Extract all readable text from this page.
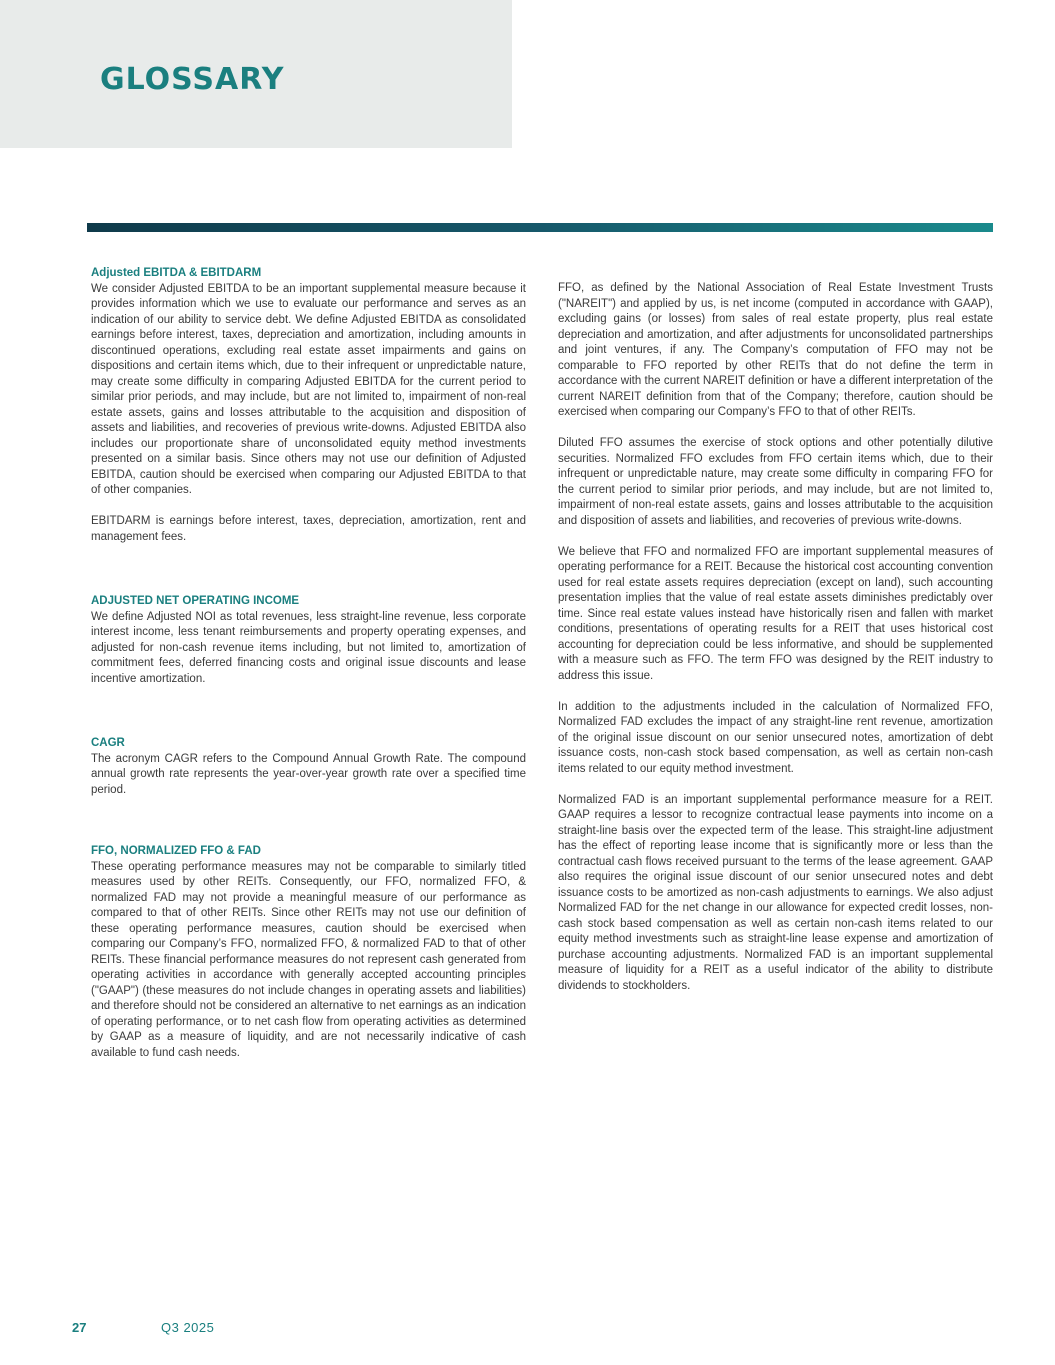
GLOSSARY
Adjusted EBITDA & EBITDARM

We consider Adjusted EBITDA to be an important supplemental measure because it provides information which we use to evaluate our performance and serves as an indication of our ability to service debt. We define Adjusted EBITDA as consolidated earnings before interest, taxes, depreciation and amortization, including amounts in discontinued operations, excluding real estate asset impairments and gains on dispositions and certain items which, due to their infrequent or unpredictable nature, may create some difficulty in comparing Adjusted EBITDA for the current period to similar prior periods, and may include, but are not limited to, impairment of non-real estate assets, gains and losses attributable to the acquisition and disposition of assets and liabilities, and recoveries of previous write-downs. Adjusted EBITDA also includes our proportionate share of unconsolidated equity method investments presented on a similar basis. Since others may not use our definition of Adjusted EBITDA, caution should be exercised when comparing our Adjusted EBITDA to that of other companies.

EBITDARM is earnings before interest, taxes, depreciation, amortization, rent and management fees.

ADJUSTED NET OPERATING INCOME

We define Adjusted NOI as total revenues, less straight-line revenue, less corporate interest income, less tenant reimbursements and property operating expenses, and adjusted for non-cash revenue items including, but not limited to, amortization of commitment fees, deferred financing costs and original issue discounts and lease incentive amortization.

CAGR

The acronym CAGR refers to the Compound Annual Growth Rate. The compound annual growth rate represents the year-over-year growth rate over a specified time period.

FFO, NORMALIZED FFO & FAD

These operating performance measures may not be comparable to similarly titled measures used by other REITs. Consequently, our FFO, normalized FFO, & normalized FAD may not provide a meaningful measure of our performance as compared to that of other REITs. Since other REITs may not use our definition of these operating performance measures, caution should be exercised when comparing our Company’s FFO, normalized FFO, & normalized FAD to that of other REITs. These financial performance measures do not represent cash generated from operating activities in accordance with generally accepted accounting principles ("GAAP") (these measures do not include changes in operating assets and liabilities) and therefore should not be considered an alternative to net earnings as an indication of operating performance, or to net cash flow from operating activities as determined by GAAP as a measure of liquidity, and are not necessarily indicative of cash available to fund cash needs.

FFO, as defined by the National Association of Real Estate Investment Trusts ("NAREIT") and applied by us, is net income (computed in accordance with GAAP), excluding gains (or losses) from sales of real estate property, plus real estate depreciation and amortization, and after adjustments for unconsolidated partnerships and joint ventures, if any. The Company’s computation of FFO may not be comparable to FFO reported by other REITs that do not define the term in accordance with the current NAREIT definition or have a different interpretation of the current NAREIT definition from that of the Company; therefore, caution should be exercised when comparing our Company’s FFO to that of other REITs.

Diluted FFO assumes the exercise of stock options and other potentially dilutive securities. Normalized FFO excludes from FFO certain items which, due to their infrequent or unpredictable nature, may create some difficulty in comparing FFO for the current period to similar prior periods, and may include, but are not limited to, impairment of non-real estate assets, gains and losses attributable to the acquisition and disposition of assets and liabilities, and recoveries of previous write-downs.

We believe that FFO and normalized FFO are important supplemental measures of operating performance for a REIT. Because the historical cost accounting convention used for real estate assets requires depreciation (except on land), such accounting presentation implies that the value of real estate assets diminishes predictably over time. Since real estate values instead have historically risen and fallen with market conditions, presentations of operating results for a REIT that uses historical cost accounting for depreciation could be less informative, and should be supplemented with a measure such as FFO. The term FFO was designed by the REIT industry to address this issue.

In addition to the adjustments included in the calculation of Normalized FFO, Normalized FAD excludes the impact of any straight-line rent revenue, amortization of the original issue discount on our senior unsecured notes, amortization of debt issuance costs, non-cash stock based compensation, as well as certain non-cash items related to our equity method investment.

Normalized FAD is an important supplemental performance measure for a REIT. GAAP requires a lessor to recognize contractual lease payments into income on a straight-line basis over the expected term of the lease. This straight-line adjustment has the effect of reporting lease income that is significantly more or less than the contractual cash flows received pursuant to the terms of the lease agreement. GAAP also requires the original issue discount of our senior unsecured notes and debt issuance costs to be amortized as non-cash adjustments to earnings. We also adjust Normalized FAD for the net change in our allowance for expected credit losses, non-cash stock based compensation as well as certain non-cash items related to our equity method investments such as straight-line lease expense and amortization of purchase accounting adjustments. Normalized FAD is an important supplemental measure of liquidity for a REIT as a useful indicator of the ability to distribute dividends to stockholders.

27	Q3 2025
